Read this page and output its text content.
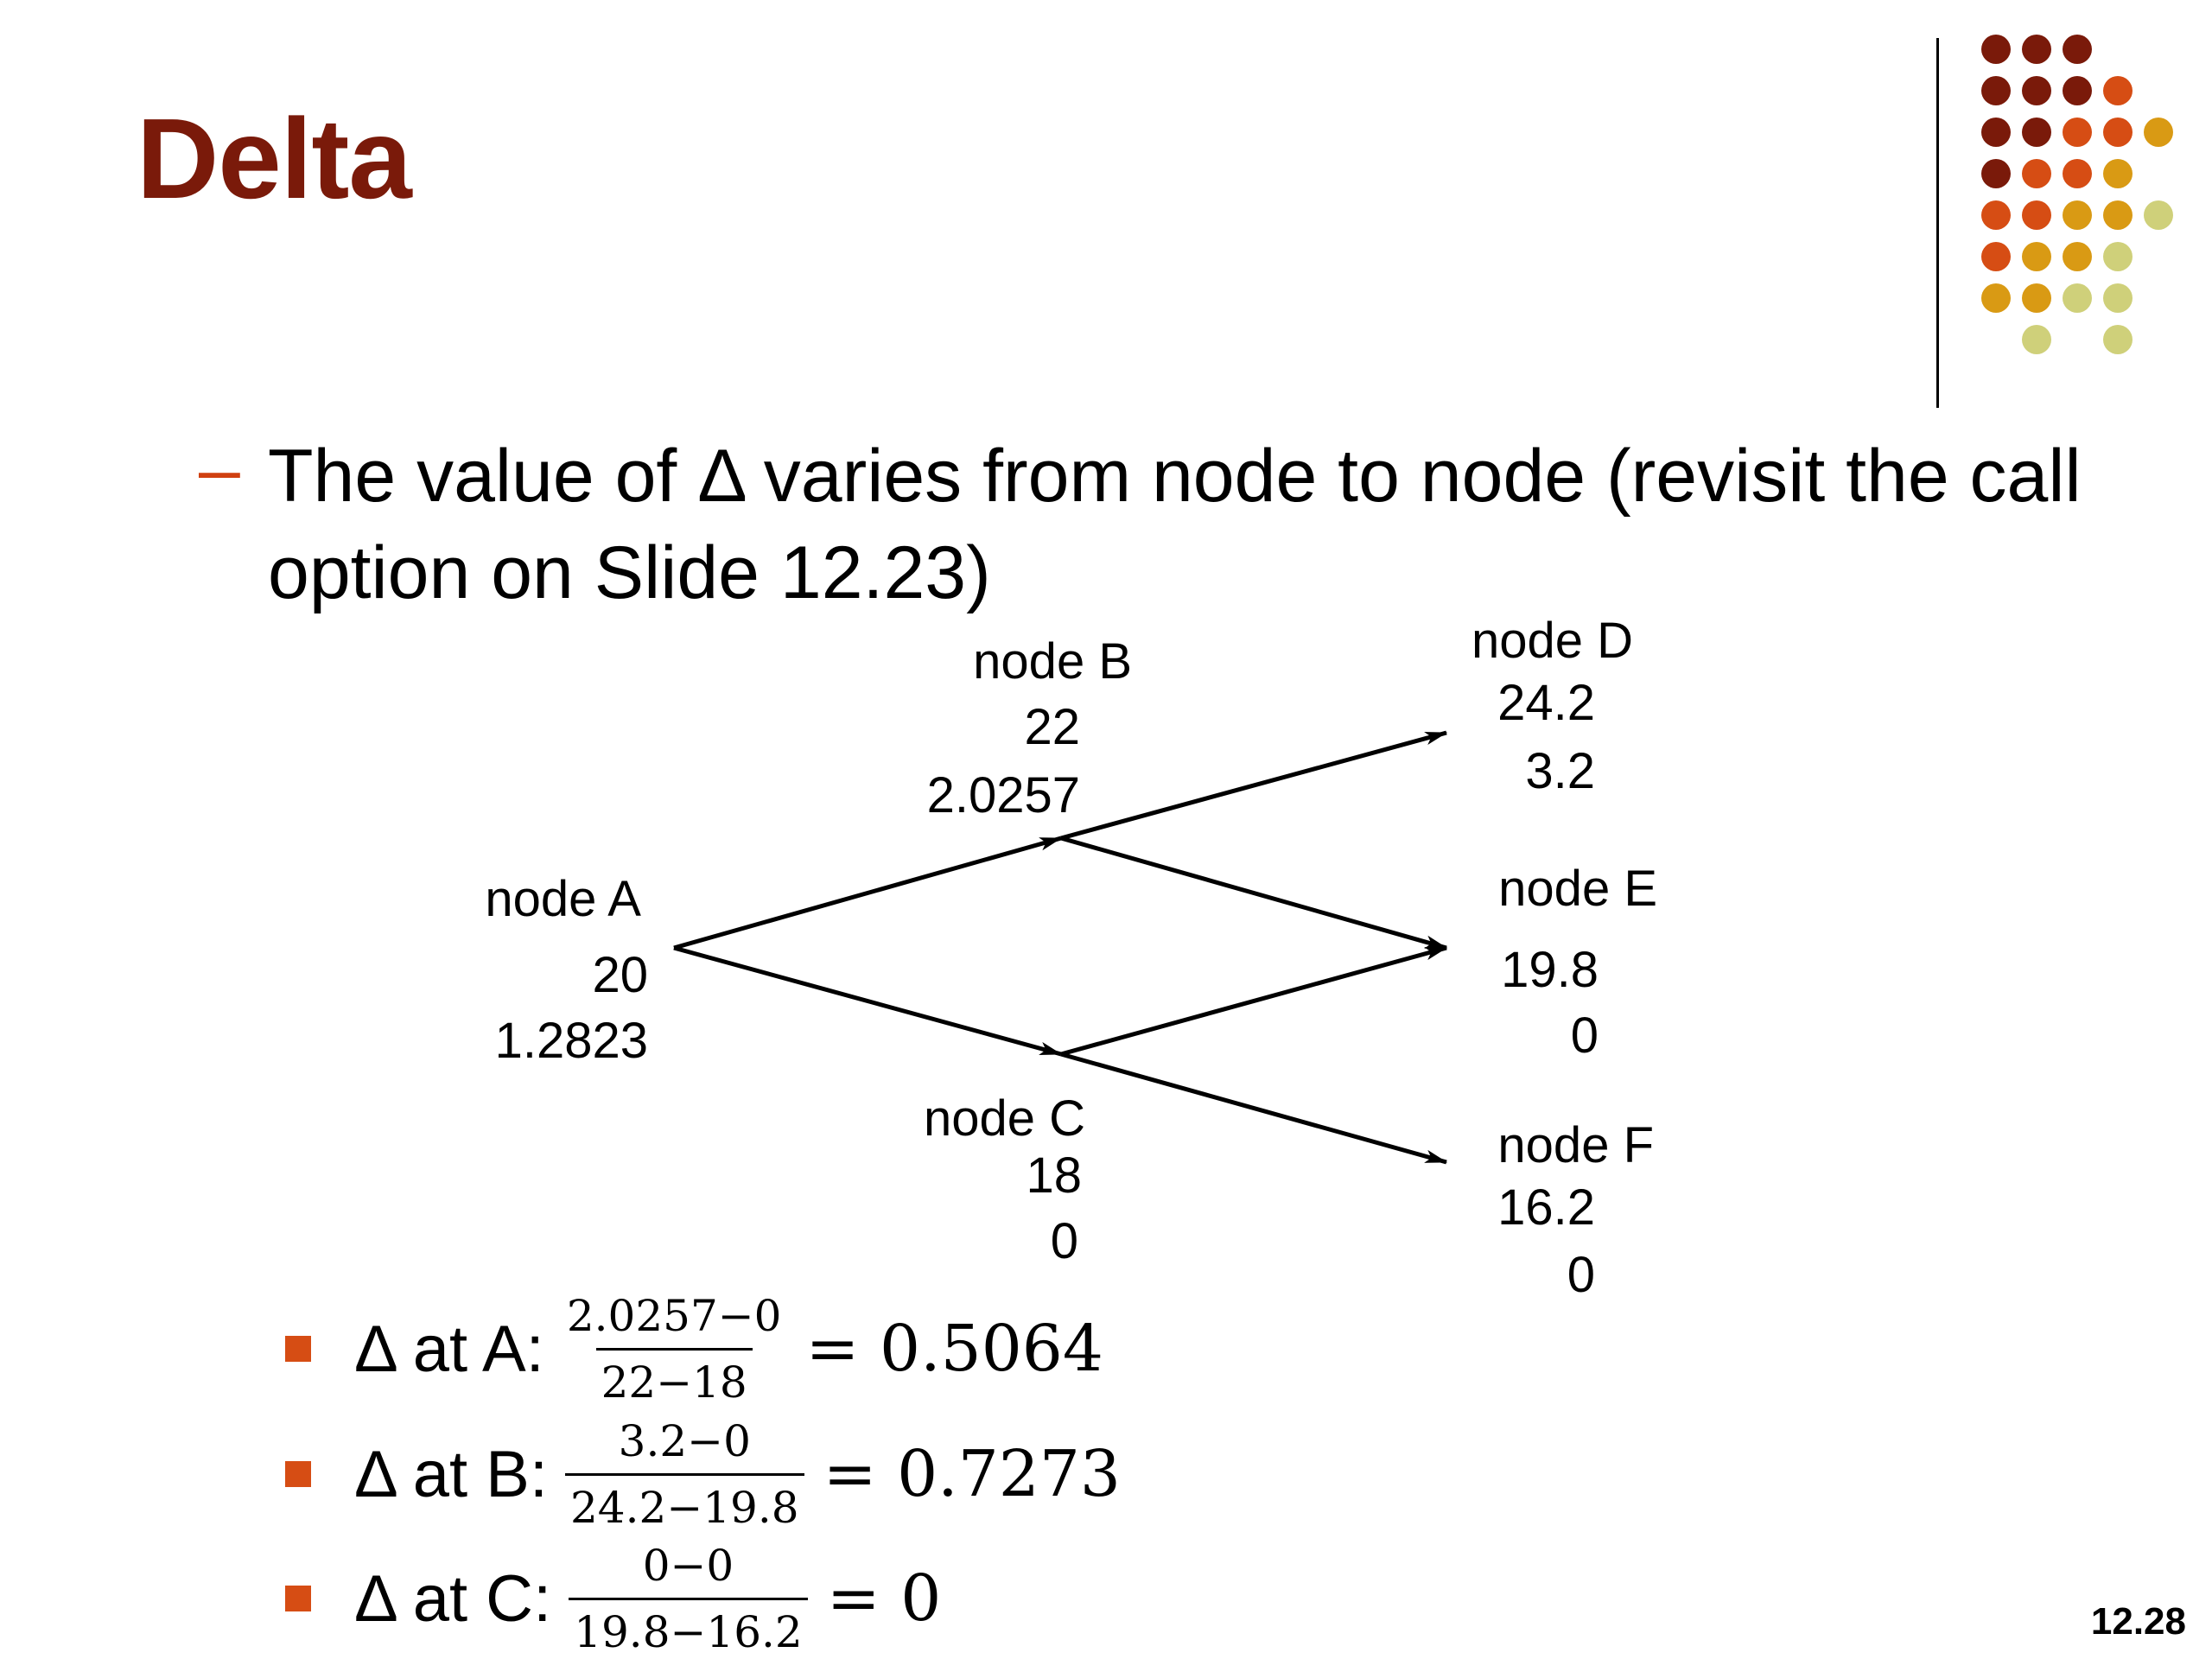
Delta
– The value of Δ varies from node to node (revisit the call option on Slide 12.23)

node A
20
1.2823
node B
22
2.0257
node C
18
0
node D
24.2
3.2
node E
19.8
0
node F
16.2
0
Δ at A: $\frac{2.0257-0}{22-18} = 0.5064$
Δ at B: $\frac{3.2-0}{24.2-19.8} = 0.7273$
Δ at C: $\frac{0-0}{19.8-16.2} = 0$	12.28
